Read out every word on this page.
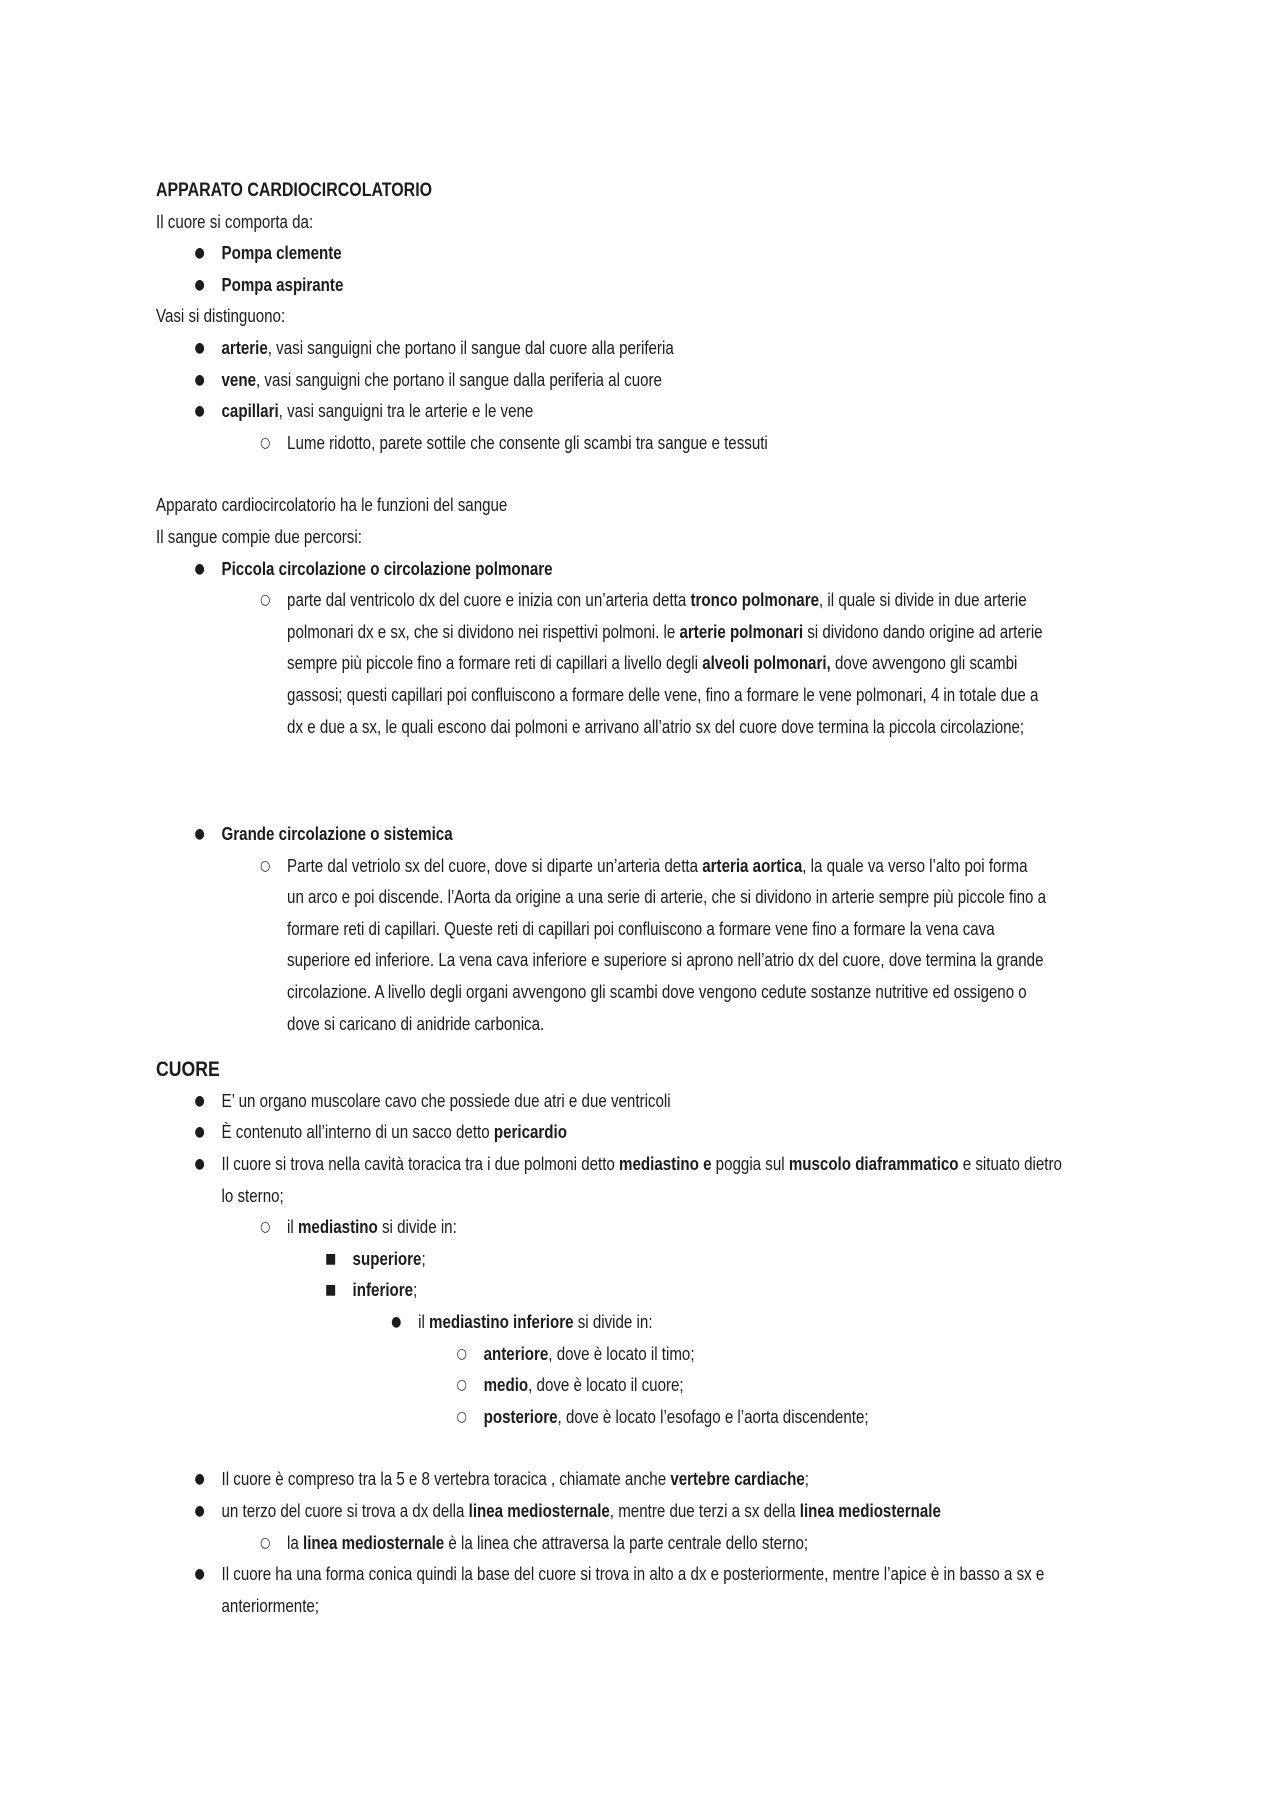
APPARATO CARDIOCIRCOLATORIO
Il cuore si comporta da:
● Pompa clemente
● Pompa aspirante
Vasi si distinguono:
● arterie, vasi sanguigni che portano il sangue dal cuore alla periferia
● vene, vasi sanguigni che portano il sangue dalla periferia al cuore
● capillari, vasi sanguigni tra le arterie e le vene
○ Lume ridotto, parete sottile che consente gli scambi tra sangue e tessuti
Apparato cardiocircolatorio ha le funzioni del sangue
Il sangue compie due percorsi:
● Piccola circolazione o circolazione polmonare
○ parte dal ventricolo dx del cuore e inizia con un’arteria detta tronco polmonare, il quale si divide in due arterie polmonari dx e sx, che si dividono nei rispettivi polmoni. le arterie polmonari si dividono dando origine ad arterie sempre più piccole fino a formare reti di capillari a livello degli alveoli polmonari, dove avvengono gli scambi gassosi; questi capillari poi confluiscono a formare delle vene, fino a formare le vene polmonari, 4 in totale due a dx e due a sx, le quali escono dai polmoni e arrivano all’atrio sx del cuore dove termina la piccola circolazione;
● Grande circolazione o sistemica
○ Parte dal vetriolo sx del cuore, dove si diparte un’arteria detta arteria aortica, la quale va verso l’alto poi forma un arco e poi discende. l’Aorta da origine a una serie di arterie, che si dividono in arterie sempre più piccole fino a formare reti di capillari. Queste reti di capillari poi confluiscono a formare vene fino a formare la vena cava superiore ed inferiore. La vena cava inferiore e superiore si aprono nell’atrio dx del cuore, dove termina la grande circolazione. A livello degli organi avvengono gli scambi dove vengono cedute sostanze nutritive ed ossigeno o dove si caricano di anidride carbonica.
CUORE
● E’ un organo muscolare cavo che possiede due atri e due ventricoli
● È contenuto all’interno di un sacco detto pericardio
● Il cuore si trova nella cavità toracica tra i due polmoni detto mediastino e poggia sul muscolo diaframmatico e situato dietro lo sterno;
○ il mediastino si divide in:
■ superiore;
■ inferiore;
● il mediastino inferiore si divide in:
○ anteriore, dove è locato il timo;
○ medio, dove è locato il cuore;
○ posteriore, dove è locato l’esofago e l’aorta discendente;
● Il cuore è compreso tra la 5 e 8 vertebra toracica , chiamate anche vertebre cardiache;
● un terzo del cuore si trova a dx della linea mediosternale, mentre due terzi a sx della linea mediosternale
○ la linea mediosternale è la linea che attraversa la parte centrale dello sterno;
● Il cuore ha una forma conica quindi la base del cuore si trova in alto a dx e posteriormente, mentre l’apice è in basso a sx e anteriormente;
